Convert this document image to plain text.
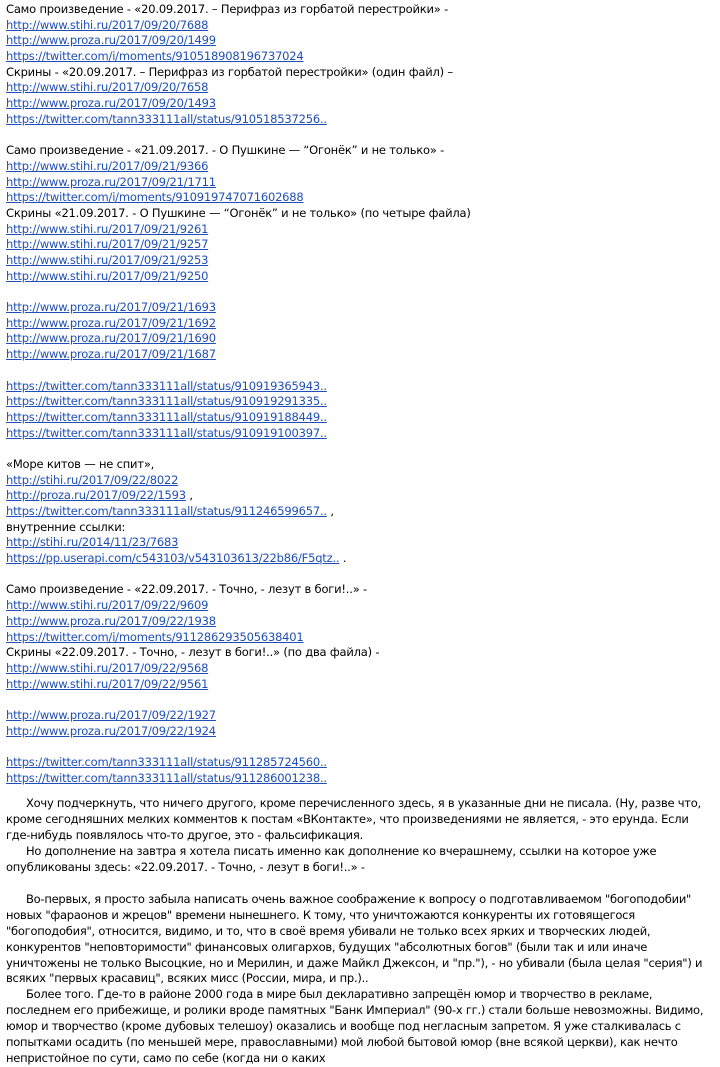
Само произведение - «20.09.2017. – Перифраз из горбатой перестройки» -
http://www.stihi.ru/2017/09/20/7688
http://www.proza.ru/2017/09/20/1499
https://twitter.com/i/moments/910518908196737024
Скрины - «20.09.2017. – Перифраз из горбатой перестройки» (один файл) –
http://www.stihi.ru/2017/09/20/7658
http://www.proza.ru/2017/09/20/1493
https://twitter.com/tann333111all/status/910518537256..
Само произведение - «21.09.2017. - О Пушкине — “Огонёк” и не только» -
http://www.stihi.ru/2017/09/21/9366
http://www.proza.ru/2017/09/21/1711
https://twitter.com/i/moments/910919747071602688
Скрины «21.09.2017. - О Пушкине — “Огонёк” и не только» (по четыре файла)
http://www.stihi.ru/2017/09/21/9261
http://www.stihi.ru/2017/09/21/9257
http://www.stihi.ru/2017/09/21/9253
http://www.stihi.ru/2017/09/21/9250
http://www.proza.ru/2017/09/21/1693
http://www.proza.ru/2017/09/21/1692
http://www.proza.ru/2017/09/21/1690
http://www.proza.ru/2017/09/21/1687
https://twitter.com/tann333111all/status/910919365943..
https://twitter.com/tann333111all/status/910919291335..
https://twitter.com/tann333111all/status/910919188449..
https://twitter.com/tann333111all/status/910919100397..
«Море китов — не спит»,
http://stihi.ru/2017/09/22/8022
http://proza.ru/2017/09/22/1593 ,
https://twitter.com/tann333111all/status/911246599657.. ,
внутренние ссылки:
http://stihi.ru/2014/11/23/7683
https://pp.userapi.com/c543103/v543103613/22b86/F5qtz.. .
Само произведение - «22.09.2017. - Точно, - лезут в боги!..» -
http://www.stihi.ru/2017/09/22/9609
http://www.proza.ru/2017/09/22/1938
https://twitter.com/i/moments/911286293505638401
Скрины «22.09.2017. - Точно, - лезут в боги!..» (по два файла) -
http://www.stihi.ru/2017/09/22/9568
http://www.stihi.ru/2017/09/22/9561
http://www.proza.ru/2017/09/22/1927
http://www.proza.ru/2017/09/22/1924
https://twitter.com/tann333111all/status/911285724560..
https://twitter.com/tann333111all/status/911286001238..

Хочу подчеркнуть, что ничего другого, кроме перечисленного здесь, я в указанные дни не писала. (Ну, разве что, кроме сегодняшних мелких комментов к постам «ВКонтакте», что произведениями не является, - это ерунда. Если где-нибудь появлялось что-то другое, это - фальсификация.

Но дополнение на завтра я хотела писать именно как дополнение ко вчерашнему, ссылки на которое уже опубликованы здесь: «22.09.2017. - Точно, - лезут в боги!..» -

Во-первых, я просто забыла написать очень важное соображение к вопросу о подготавливаемом "богоподобии" новых "фараонов и жрецов" времени нынешнего. К тому, что уничтожаются конкуренты их готовящегося "богоподобия", относится, видимо, и то, что в своё время убивали не только всех ярких и творческих людей, конкурентов "неповторимости" финансовых олигархов, будущих "абсолютных богов" (были так и или иначе уничтожены не только Высоцкие, но и Мерилин, и даже Майкл Джексон, и "пр."), - но убивали (была целая "серия") и всяких "первых красавиц", всяких мисс (России, мира, и пр.)..

Более того. Где-то в районе 2000 года в мире был декларативно запрещён юмор и творчество в рекламе, последнем его прибежище, и ролики вроде памятных "Банк Империал" (90-х гг.) стали больше невозможны. Видимо, юмор и творчество (кроме дубовых телешоу) оказались и вообще под негласным запретом. Я уже сталкивалась с попытками осадить (по меньшей мере, православными) мой любой бытовой юмор (вне всякой церкви), как нечто непристойное по сути, само по себе (когда ни о каких
